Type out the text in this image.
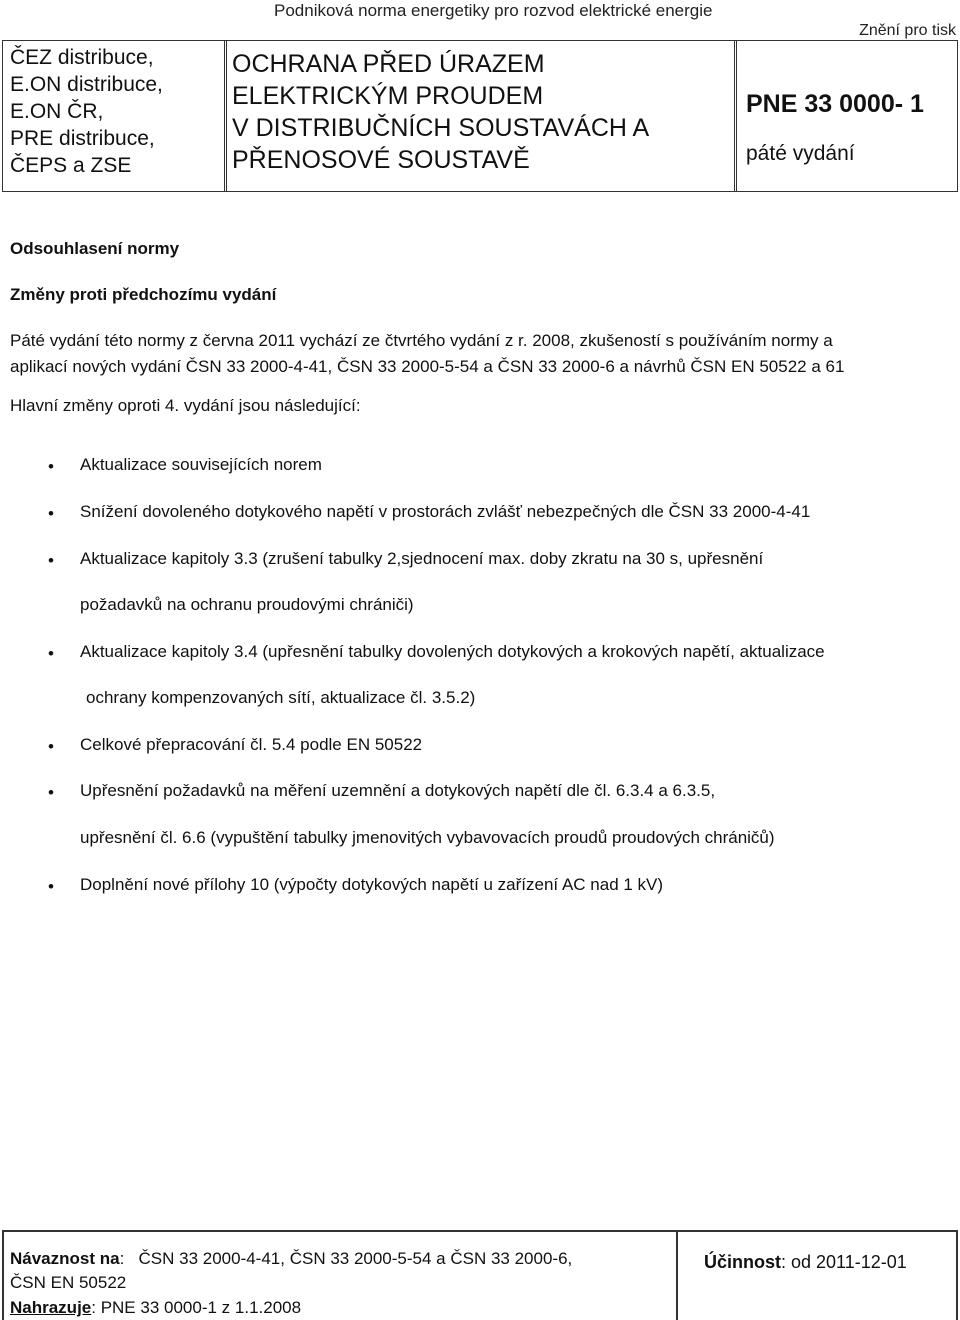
Podniková norma energetiky pro rozvod elektrické energie
Znění pro tisk
ČEZ distribuce,
E.ON distribuce,
E.ON ČR,
PRE distribuce,
ČEPS a ZSE
OCHRANA PŘED ÚRAZEM
ELEKTRICKÝM PROUDEM
V DISTRIBUČNÍCH SOUSTAVÁCH A
PŘENOSOVÉ SOUSTAVĚ
PNE 33 0000- 1
páté vydání
Odsouhlasení normy
Změny proti předchozímu vydání
Páté vydání této normy z června 2011 vychází ze čtvrtého vydání z r. 2008, zkušeností s používáním normy a
aplikací nových vydání ČSN 33 2000-4-41, ČSN 33 2000-5-54 a ČSN 33 2000-6 a návrhů ČSN EN 50522 a 61
Hlavní změny oproti 4. vydání jsou následující:
• Aktualizace souvisejících norem
• Snížení dovoleného dotykového napětí v prostorách zvlášť nebezpečných dle ČSN 33 2000-4-41
• Aktualizace kapitoly 3.3 (zrušení tabulky 2,sjednocení max. doby zkratu na 30 s, upřesnění
požadavků na ochranu proudovými chrániči)
• Aktualizace kapitoly 3.4 (upřesnění tabulky dovolených dotykových a krokových napětí, aktualizace
ochrany kompenzovaných sítí, aktualizace čl. 3.5.2)
• Celkové přepracování čl. 5.4 podle EN 50522
• Upřesnění požadavků na měření uzemnění a dotykových napětí dle čl. 6.3.4 a 6.3.5,
upřesnění čl. 6.6 (vypuštění tabulky jmenovitých vybavovacích proudů proudových chráničů)
• Doplnění nové přílohy 10 (výpočty dotykových napětí u zařízení AC nad 1 kV)
Návaznost na: ČSN 33 2000-4-41, ČSN 33 2000-5-54 a ČSN 33 2000-6,
ČSN EN 50522
Nahrazuje: PNE 33 0000-1 z 1.1.2008
Účinnost: od 2011-12-01
